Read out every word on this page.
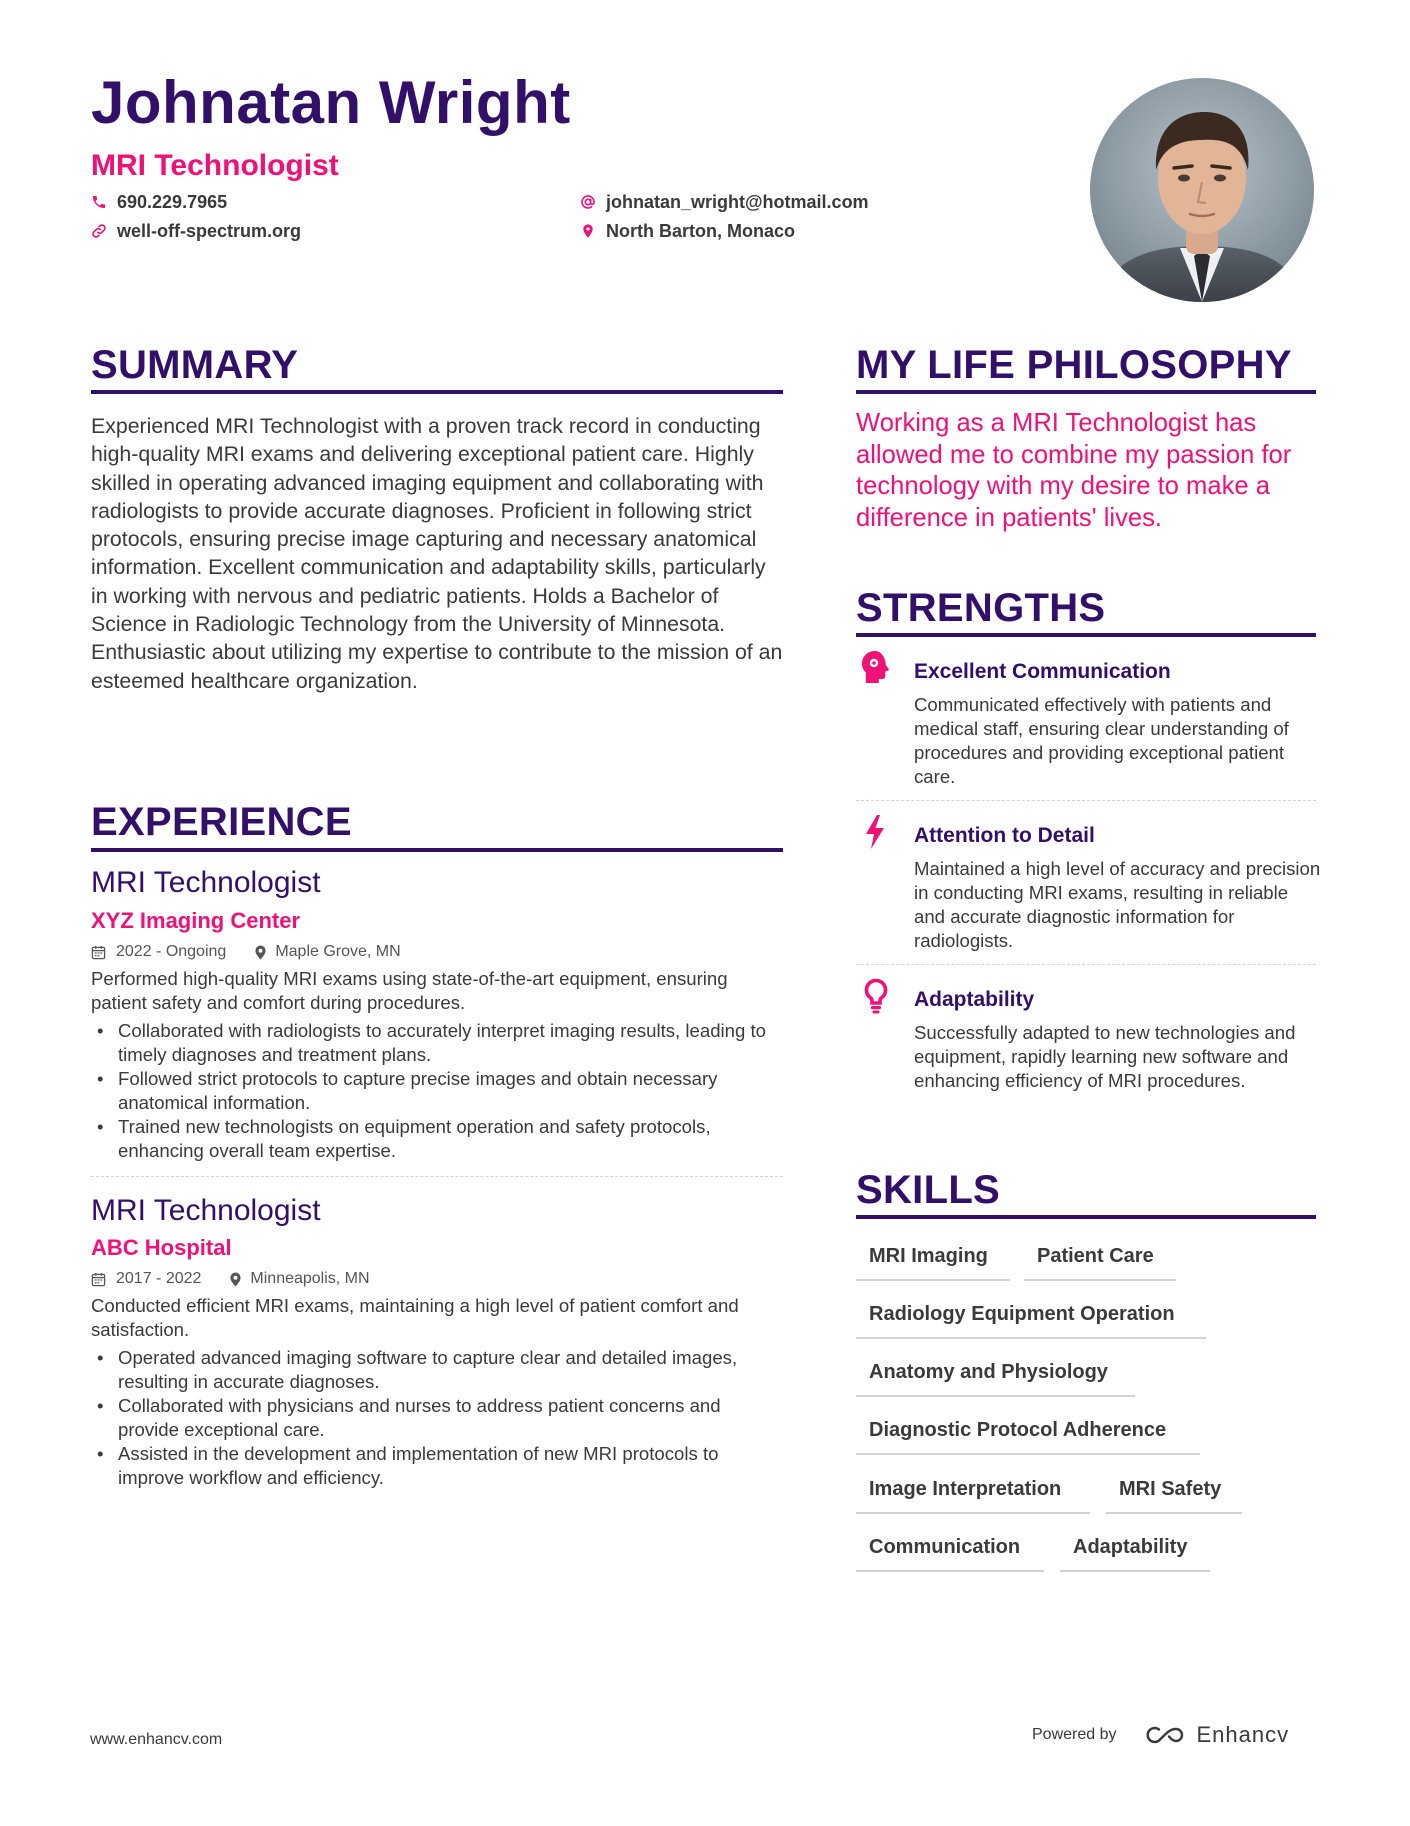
Johnatan Wright
MRI Technologist
690.229.7965
well-off-spectrum.org
johnatan_wright@hotmail.com
North Barton, Monaco
SUMMARY
Experienced MRI Technologist with a proven track record in conducting high-quality MRI exams and delivering exceptional patient care. Highly skilled in operating advanced imaging equipment and collaborating with radiologists to provide accurate diagnoses. Proficient in following strict protocols, ensuring precise image capturing and necessary anatomical information. Excellent communication and adaptability skills, particularly in working with nervous and pediatric patients. Holds a Bachelor of Science in Radiologic Technology from the University of Minnesota. Enthusiastic about utilizing my expertise to contribute to the mission of an esteemed healthcare organization.
EXPERIENCE
MRI Technologist
XYZ Imaging Center
2022 - Ongoing	Maple Grove, MN
Performed high-quality MRI exams using state-of-the-art equipment, ensuring patient safety and comfort during procedures.
• Collaborated with radiologists to accurately interpret imaging results, leading to timely diagnoses and treatment plans.
• Followed strict protocols to capture precise images and obtain necessary anatomical information.
• Trained new technologists on equipment operation and safety protocols, enhancing overall team expertise.
MRI Technologist
ABC Hospital
2017 - 2022	Minneapolis, MN
Conducted efficient MRI exams, maintaining a high level of patient comfort and satisfaction.
• Operated advanced imaging software to capture clear and detailed images, resulting in accurate diagnoses.
• Collaborated with physicians and nurses to address patient concerns and provide exceptional care.
• Assisted in the development and implementation of new MRI protocols to improve workflow and efficiency.
MY LIFE PHILOSOPHY
Working as a MRI Technologist has allowed me to combine my passion for technology with my desire to make a difference in patients' lives.
STRENGTHS
Excellent Communication
Communicated effectively with patients and medical staff, ensuring clear understanding of procedures and providing exceptional patient care.
Attention to Detail
Maintained a high level of accuracy and precision in conducting MRI exams, resulting in reliable and accurate diagnostic information for radiologists.
Adaptability
Successfully adapted to new technologies and equipment, rapidly learning new software and enhancing efficiency of MRI procedures.
SKILLS
MRI Imaging	Patient Care
Radiology Equipment Operation
Anatomy and Physiology
Diagnostic Protocol Adherence
Image Interpretation	MRI Safety
Communication	Adaptability
www.enhancv.com	Powered by	Enhancv
